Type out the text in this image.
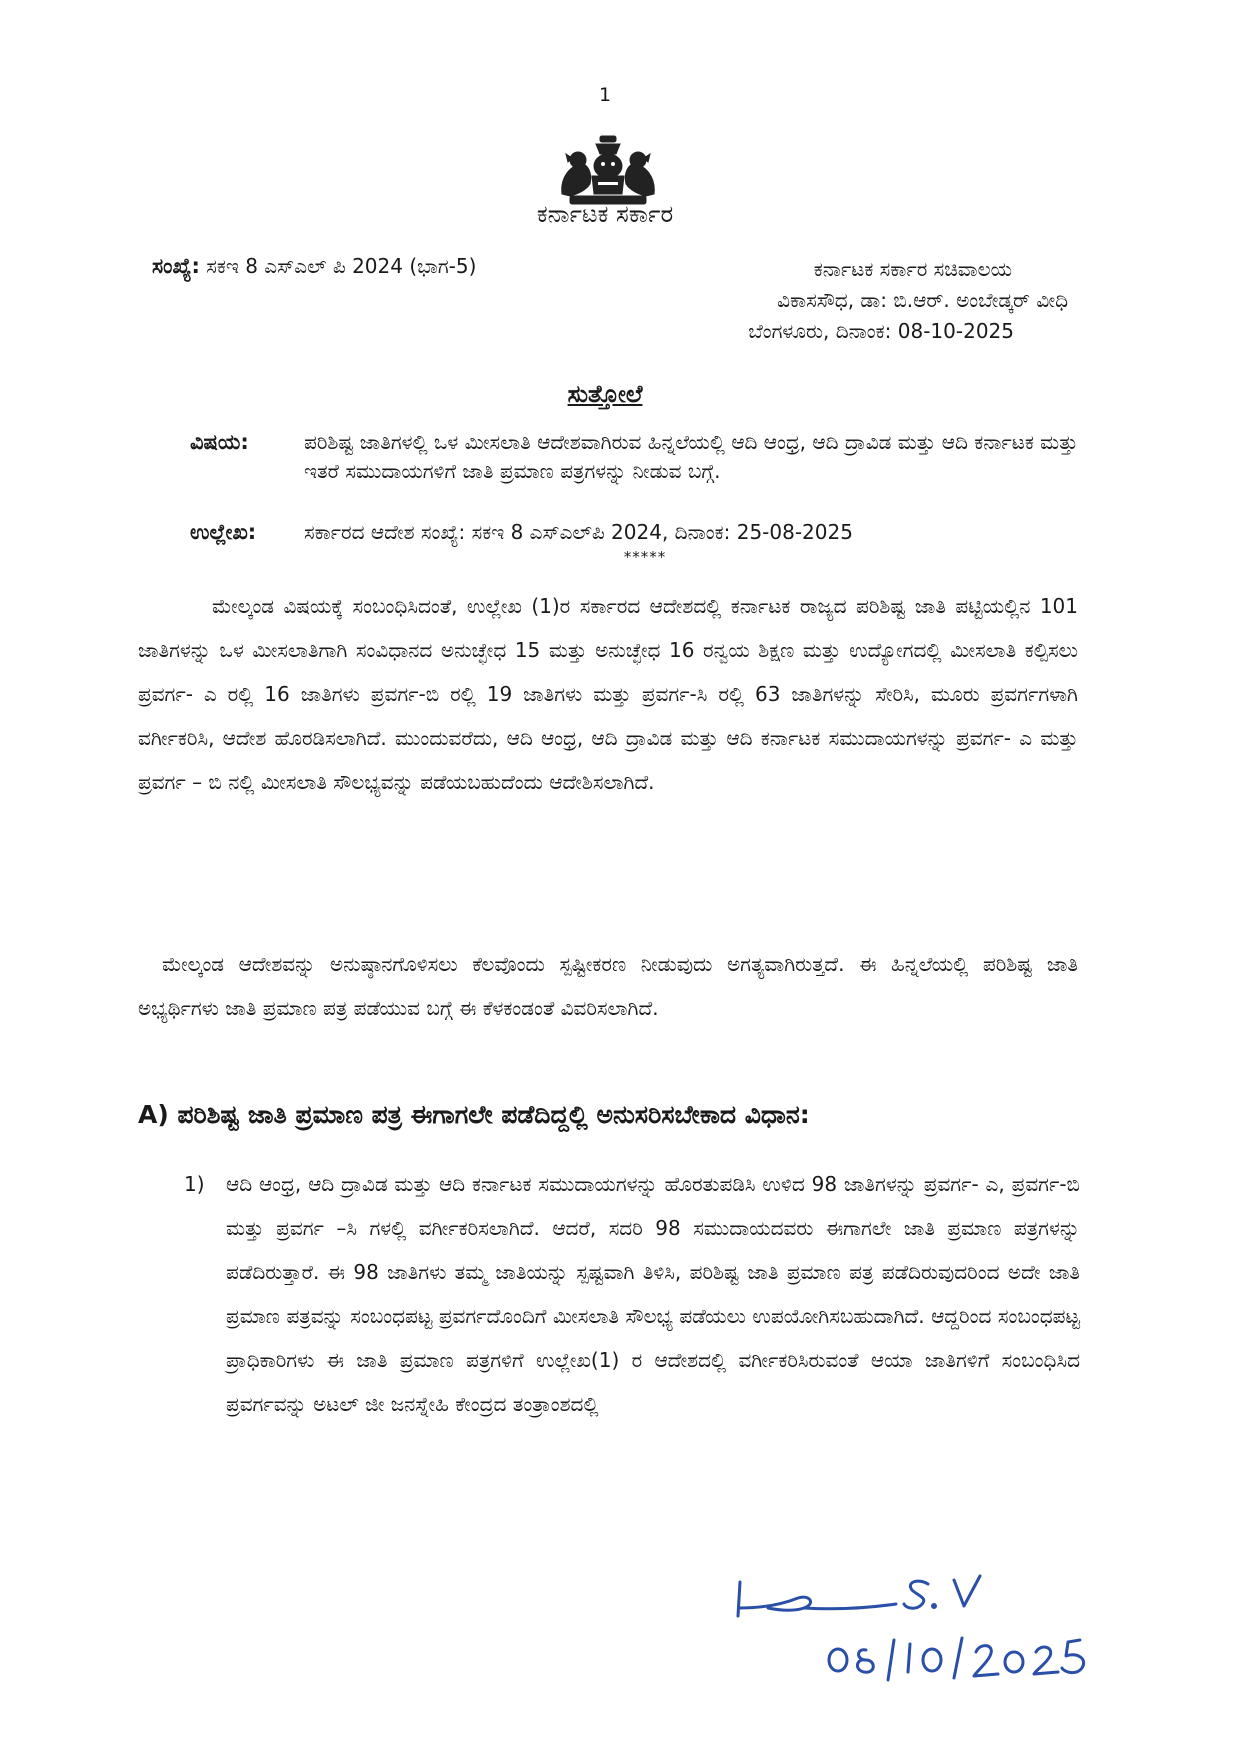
1
ಕರ್ನಾಟಕ ಸರ್ಕಾರ
ಸಂಖ್ಯೆ: ಸಕಇ 8 ಎಸ್‌ಎಲ್ ಪಿ 2024 (ಭಾಗ-5)	ಕರ್ನಾಟಕ ಸರ್ಕಾರ ಸಚಿವಾಲಯ
ವಿಕಾಸಸೌಧ, ಡಾ: ಬಿ.ಆರ್. ಅಂಬೇಡ್ಕರ್ ವೀಧಿ
ಬೆಂಗಳೂರು, ದಿನಾಂಕ: 08-10-2025
ಸುತ್ತೋಲೆ
ವಿಷಯ:	ಪರಿಶಿಷ್ಟ ಜಾತಿಗಳಲ್ಲಿ ಒಳ ಮೀಸಲಾತಿ ಆದೇಶವಾಗಿರುವ ಹಿನ್ನಲೆಯಲ್ಲಿ ಆದಿ ಆಂಧ್ರ, ಆದಿ ದ್ರಾವಿಡ ಮತ್ತು ಆದಿ ಕರ್ನಾಟಕ ಮತ್ತು ಇತರೆ ಸಮುದಾಯಗಳಿಗೆ ಜಾತಿ ಪ್ರಮಾಣ ಪತ್ರಗಳನ್ನು ನೀಡುವ ಬಗ್ಗೆ.
ಉಲ್ಲೇಖ: ಸರ್ಕಾರದ ಆದೇಶ ಸಂಖ್ಯೆ: ಸಕಇ 8 ಎಸ್‌ಎಲ್‌ಪಿ 2024, ದಿನಾಂಕ: 25-08-2025
*****

ಮೇಲ್ಕಂಡ ವಿಷಯಕ್ಕೆ ಸಂಬಂಧಿಸಿದಂತೆ, ಉಲ್ಲೇಖ (1)ರ ಸರ್ಕಾರದ ಆದೇಶದಲ್ಲಿ ಕರ್ನಾಟಕ ರಾಜ್ಯದ ಪರಿಶಿಷ್ಟ ಜಾತಿ ಪಟ್ಟಿಯಲ್ಲಿನ 101 ಜಾತಿಗಳನ್ನು ಒಳ ಮೀಸಲಾತಿಗಾಗಿ ಸಂವಿಧಾನದ ಅನುಚ್ಛೇಧ 15 ಮತ್ತು ಅನುಚ್ಛೇಧ 16 ರನ್ವಯ ಶಿಕ್ಷಣ ಮತ್ತು ಉದ್ಯೋಗದಲ್ಲಿ ಮೀಸಲಾತಿ ಕಲ್ಪಿಸಲು ಪ್ರವರ್ಗ- ಎ ರಲ್ಲಿ 16 ಜಾತಿಗಳು ಪ್ರವರ್ಗ-ಬಿ ರಲ್ಲಿ 19 ಜಾತಿಗಳು ಮತ್ತು ಪ್ರವರ್ಗ-ಸಿ ರಲ್ಲಿ 63 ಜಾತಿಗಳನ್ನು ಸೇರಿಸಿ, ಮೂರು ಪ್ರವರ್ಗಗಳಾಗಿ ವರ್ಗೀಕರಿಸಿ, ಆದೇಶ ಹೊರಡಿಸಲಾಗಿದೆ. ಮುಂದುವರೆದು, ಆದಿ ಆಂಧ್ರ, ಆದಿ ದ್ರಾವಿಡ ಮತ್ತು ಆದಿ ಕರ್ನಾಟಕ ಸಮುದಾಯಗಳನ್ನು ಪ್ರವರ್ಗ- ಎ ಮತ್ತು ಪ್ರವರ್ಗ – ಬಿ ನಲ್ಲಿ ಮೀಸಲಾತಿ ಸೌಲಭ್ಯವನ್ನು ಪಡೆಯಬಹುದೆಂದು ಆದೇಶಿಸಲಾಗಿದೆ.

ಮೇಲ್ಕಂಡ ಆದೇಶವನ್ನು ಅನುಷ್ಠಾನಗೊಳಿಸಲು ಕೆಲವೊಂದು ಸ್ಪಷ್ಟೀಕರಣ ನೀಡುವುದು ಅಗತ್ಯವಾಗಿರುತ್ತದೆ. ಈ ಹಿನ್ನಲೆಯಲ್ಲಿ ಪರಿಶಿಷ್ಟ ಜಾತಿ ಅಭ್ಯರ್ಥಿಗಳು ಜಾತಿ ಪ್ರಮಾಣ ಪತ್ರ ಪಡೆಯುವ ಬಗ್ಗೆ ಈ ಕೆಳಕಂಡಂತೆ ವಿವರಿಸಲಾಗಿದೆ.

A) ಪರಿಶಿಷ್ಟ ಜಾತಿ ಪ್ರಮಾಣ ಪತ್ರ ಈಗಾಗಲೇ ಪಡೆದಿದ್ದಲ್ಲಿ ಅನುಸರಿಸಬೇಕಾದ ವಿಧಾನ:
1) ಆದಿ ಆಂಧ್ರ, ಆದಿ ದ್ರಾವಿಡ ಮತ್ತು ಆದಿ ಕರ್ನಾಟಕ ಸಮುದಾಯಗಳನ್ನು ಹೊರತುಪಡಿಸಿ ಉಳಿದ 98 ಜಾತಿಗಳನ್ನು ಪ್ರವರ್ಗ- ಎ, ಪ್ರವರ್ಗ-ಬಿ ಮತ್ತು ಪ್ರವರ್ಗ –ಸಿ ಗಳಲ್ಲಿ ವರ್ಗೀಕರಿಸಲಾಗಿದೆ. ಆದರೆ, ಸದರಿ 98 ಸಮುದಾಯದವರು ಈಗಾಗಲೇ ಜಾತಿ ಪ್ರಮಾಣ ಪತ್ರಗಳನ್ನು ಪಡೆದಿರುತ್ತಾರೆ. ಈ 98 ಜಾತಿಗಳು ತಮ್ಮ ಜಾತಿಯನ್ನು ಸ್ಪಷ್ಟವಾಗಿ ತಿಳಿಸಿ, ಪರಿಶಿಷ್ಟ ಜಾತಿ ಪ್ರಮಾಣ ಪತ್ರ ಪಡೆದಿರುವುದರಿಂದ ಅದೇ ಜಾತಿ ಪ್ರಮಾಣ ಪತ್ರವನ್ನು ಸಂಬಂಧಪಟ್ಟ ಪ್ರವರ್ಗದೊಂದಿಗೆ ಮೀಸಲಾತಿ ಸೌಲಭ್ಯ ಪಡೆಯಲು ಉಪಯೋಗಿಸಬಹುದಾಗಿದೆ. ಆದ್ದರಿಂದ ಸಂಬಂಧಪಟ್ಟ ಪ್ರಾಧಿಕಾರಿಗಳು ಈ ಜಾತಿ ಪ್ರಮಾಣ ಪತ್ರಗಳಿಗೆ ಉಲ್ಲೇಖ(1) ರ ಆದೇಶದಲ್ಲಿ ವರ್ಗೀಕರಿಸಿರುವಂತೆ ಆಯಾ ಜಾತಿಗಳಿಗೆ ಸಂಬಂಧಿಸಿದ ಪ್ರವರ್ಗವನ್ನು ಅಟಲ್ ಜೀ ಜನಸ್ನೇಹಿ ಕೇಂದ್ರದ ತಂತ್ರಾಂಶದಲ್ಲಿ
